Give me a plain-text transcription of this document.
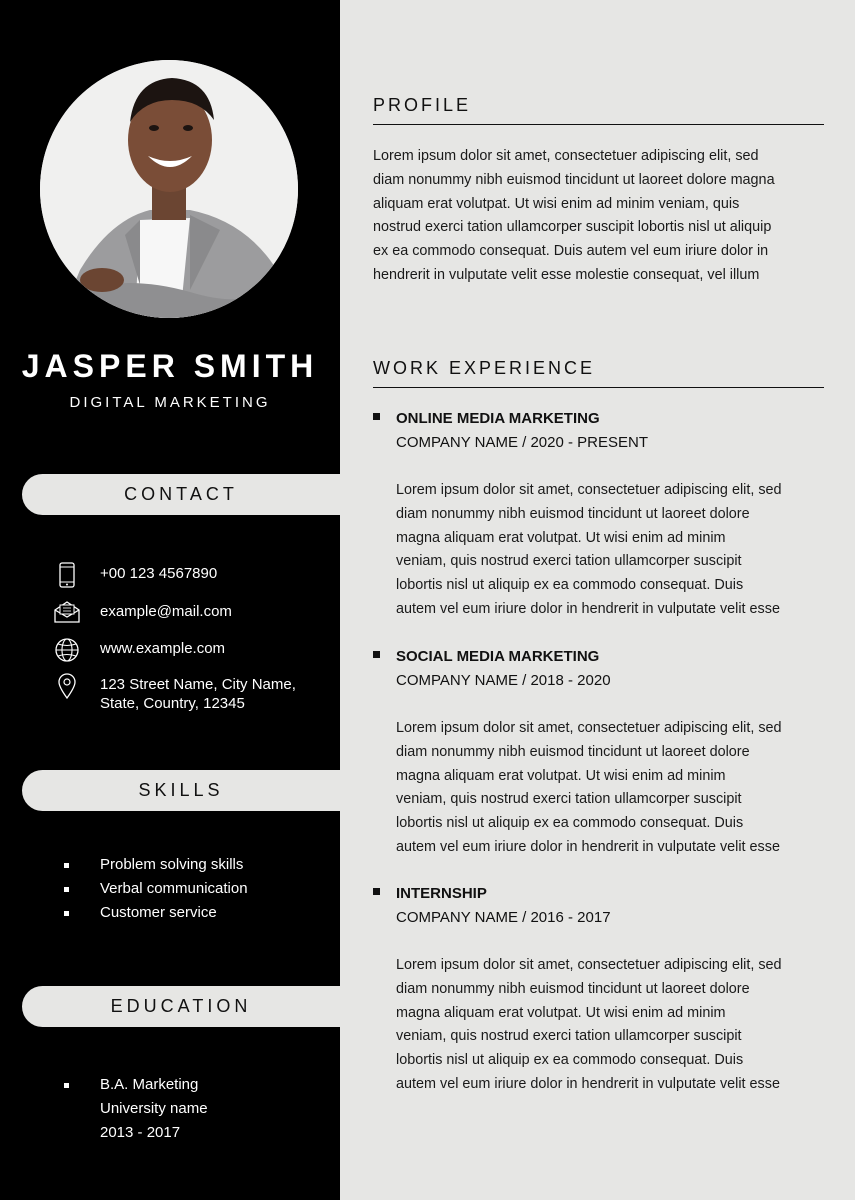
JASPER SMITH
DIGITAL MARKETING
CONTACT
+00 123 4567890
example@mail.com
www.example.com
123 Street Name, City Name,
State, Country, 12345
SKILLS
Problem solving skills
Verbal communication
Customer service
EDUCATION
B.A. Marketing
University name
2013 - 2017
PROFILE
Lorem ipsum dolor sit amet, consectetuer adipiscing elit, sed
diam nonummy nibh euismod tincidunt ut laoreet dolore magna
aliquam erat volutpat. Ut wisi enim ad minim veniam, quis
nostrud exerci tation ullamcorper suscipit lobortis nisl ut aliquip
ex ea commodo consequat. Duis autem vel eum iriure dolor in
hendrerit in vulputate velit esse molestie consequat, vel illum
WORK EXPERIENCE
ONLINE MEDIA MARKETING
COMPANY NAME / 2020 - PRESENT
Lorem ipsum dolor sit amet, consectetuer adipiscing elit, sed
diam nonummy nibh euismod tincidunt ut laoreet dolore
magna aliquam erat volutpat. Ut wisi enim ad minim
veniam, quis nostrud exerci tation ullamcorper suscipit
lobortis nisl ut aliquip ex ea commodo consequat. Duis
autem vel eum iriure dolor in hendrerit in vulputate velit esse
SOCIAL MEDIA MARKETING
COMPANY NAME / 2018 - 2020
Lorem ipsum dolor sit amet, consectetuer adipiscing elit, sed
diam nonummy nibh euismod tincidunt ut laoreet dolore
magna aliquam erat volutpat. Ut wisi enim ad minim
veniam, quis nostrud exerci tation ullamcorper suscipit
lobortis nisl ut aliquip ex ea commodo consequat. Duis
autem vel eum iriure dolor in hendrerit in vulputate velit esse
INTERNSHIP
COMPANY NAME / 2016 - 2017
Lorem ipsum dolor sit amet, consectetuer adipiscing elit, sed
diam nonummy nibh euismod tincidunt ut laoreet dolore
magna aliquam erat volutpat. Ut wisi enim ad minim
veniam, quis nostrud exerci tation ullamcorper suscipit
lobortis nisl ut aliquip ex ea commodo consequat. Duis
autem vel eum iriure dolor in hendrerit in vulputate velit esse
